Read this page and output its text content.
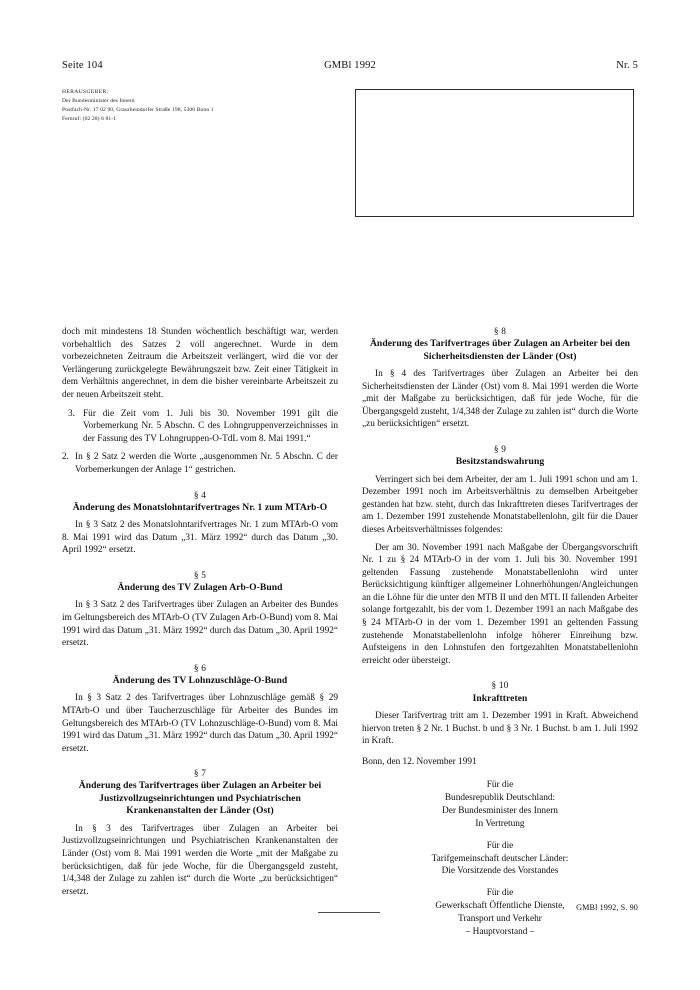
Seite 104	GMBl 1992	Nr. 5
HERAUSGEBER:
Der Bundesminister des Innern
Postfach-Nr. 17 02 90, Graurheindorfer Straße 198, 5300 Bonn 1
Fernruf: (02 28) 6 81-1

doch mit mindestens 18 Stunden wöchentlich beschäftigt war, werden vorbehaltlich des Satzes 2 voll angerechnet. Wurde in dem vorbezeichneten Zeitraum die Arbeitszeit verlängert, wird die vor der Verlängerung zurückgelegte Bewährungszeit bzw. Zeit einer Tätigkeit in dem Verhältnis angerechnet, in dem die bisher vereinbarte Arbeitszeit zu der neuen Arbeitszeit steht.

3. Für die Zeit vom 1. Juli bis 30. November 1991 gilt die Vorbemerkung Nr. 5 Abschn. C des Lohngruppenverzeichnisses in der Fassung des TV Lohngruppen-O-TdL vom 8. Mai 1991.“
2. In § 2 Satz 2 werden die Worte „ausgenommen Nr. 5 Abschn. C der Vorbemerkungen der Anlage 1“ gestrichen.
§ 4
Änderung des Monatslohntarifvertrages Nr. 1 zum MTArb-O

In § 3 Satz 2 des Monatslohntarifvertrages Nr. 1 zum MTArb-O vom 8. Mai 1991 wird das Datum „31. März 1992“ durch das Datum „30. April 1992“ ersetzt.

§ 5
Änderung des TV Zulagen Arb-O-Bund

In § 3 Satz 2 des Tarifvertrages über Zulagen an Arbeiter des Bundes im Geltungsbereich des MTArb-O (TV Zulagen Arb-O-Bund) vom 8. Mai 1991 wird das Datum „31. März 1992“ durch das Datum „30. April 1992“ ersetzt.

§ 6
Änderung des TV Lohnzuschläge-O-Bund

In § 3 Satz 2 des Tarifvertrages über Lohnzuschläge gemäß § 29 MTArb-O und über Taucherzuschläge für Arbeiter des Bundes im Geltungsbereich des MTArb-O (TV Lohnzuschläge-O-Bund) vom 8. Mai 1991 wird das Datum „31. März 1992“ durch das Datum „30. April 1992“ ersetzt.

§ 7
Änderung des Tarifvertrages über Zulagen an Arbeiter bei Justizvollzugseinrichtungen und Psychiatrischen Krankenanstalten der Länder (Ost)

In § 3 des Tarifvertrages über Zulagen an Arbeiter bei Justizvollzugseinrichtungen und Psychiatrischen Krankenanstalten der Länder (Ost) vom 8. Mai 1991 werden die Worte „mit der Maßgabe zu berücksichtigen, daß für jede Woche, für die Übergangsgeld zusteht, 1/4,348 der Zulage zu zahlen ist“ durch die Worte „zu berücksichtigen“ ersetzt.

§ 8
Änderung des Tarifvertrages über Zulagen an Arbeiter bei den Sicherheitsdiensten der Länder (Ost)

In § 4 des Tarifvertrages über Zulagen an Arbeiter bei den Sicherheitsdiensten der Länder (Ost) vom 8. Mai 1991 werden die Worte „mit der Maßgabe zu berücksichtigen, daß für jede Woche, für die Übergangsgeld zusteht, 1/4,348 der Zulage zu zahlen ist“ durch die Worte „zu berücksichtigen“ ersetzt.

§ 9
Besitzstandswahrung

Verringert sich bei dem Arbeiter, der am 1. Juli 1991 schon und am 1. Dezember 1991 noch im Arbeitsverhältnis zu demselben Arbeitgeber gestanden hat bzw. steht, durch das Inkrafttreten dieses Tarifvertrages der am 1. Dezember 1991 zustehende Monatstabellenlohn, gilt für die Dauer dieses Arbeitsverhältnisses folgendes:

Der am 30. November 1991 nach Maßgabe der Übergangsvorschrift Nr. 1 zu § 24 MTArb-O in der vom 1. Juli bis 30. November 1991 geltenden Fassung zustehende Monatstabellenlohn wird unter Berücksichtigung künftiger allgemeiner Lohnerhöhungen/Angleichungen an die Löhne für die unter den MTB II und den MTL II fallenden Arbeiter solange fortgezahlt, bis der vom 1. Dezember 1991 an nach Maßgabe des § 24 MTArb-O in der vom 1. Dezember 1991 an geltenden Fassung zustehende Monatstabellenlohn infolge höherer Einreihung bzw. Aufsteigens in den Lohnstufen den fortgezahlten Monatstabellenlohn erreicht oder übersteigt.

§ 10
Inkrafttreten

Dieser Tarifvertrag tritt am 1. Dezember 1991 in Kraft. Abweichend hiervon treten § 2 Nr. 1 Buchst. b und § 3 Nr. 1 Buchst. b am 1. Juli 1992 in Kraft.

Bonn, den 12. November 1991

Für die
Bundesrepublik Deutschland:
Der Bundesminister des Innern
In Vertretung
Für die
Tarifgemeinschaft deutscher Länder:
Die Vorsitzende des Vorstandes
Für die
Gewerkschaft Öffentliche Dienste,
Transport und Verkehr
– Hauptvorstand –
GMBl 1992, S. 90
